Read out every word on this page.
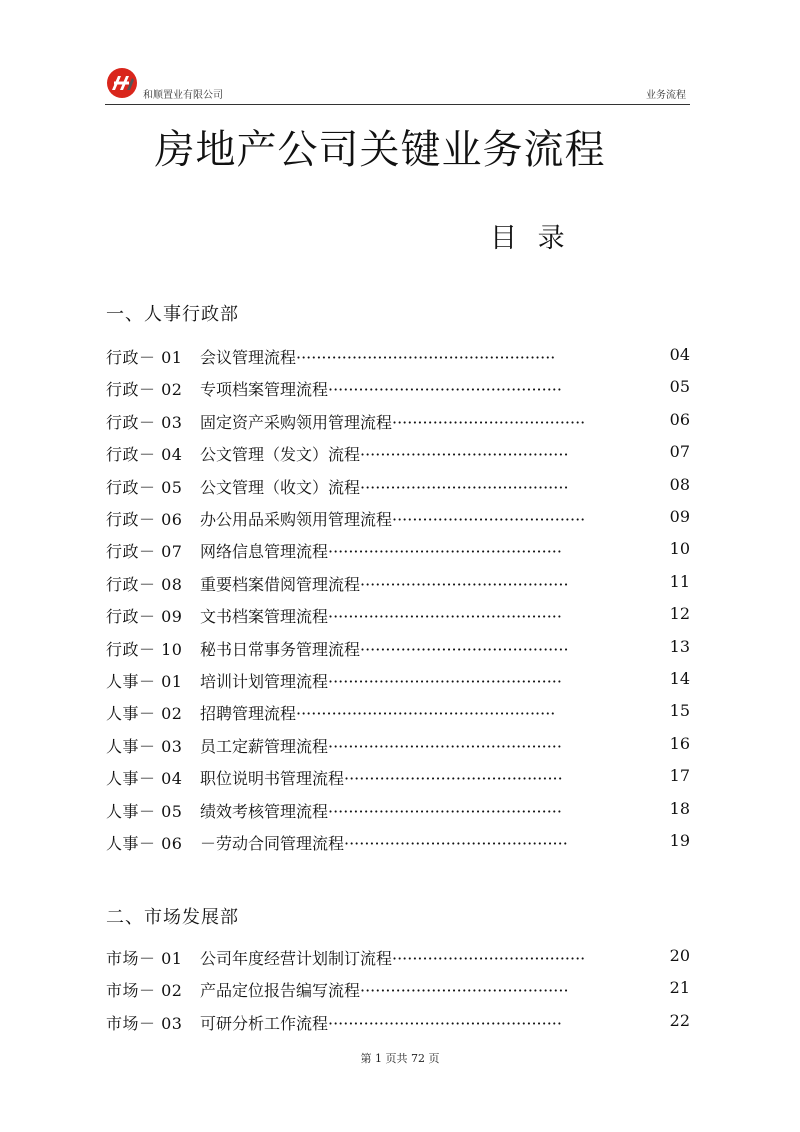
和顺置业有限公司	业务流程
房地产公司关键业务流程
目 录
一、人事行政部
行政－ 01 会议管理流程···················································	04
行政－ 02 专项档案管理流程··············································	05
行政－ 03 固定资产采购领用管理流程······································	06
行政－ 04 公文管理（发文）流程·········································	07
行政－ 05 公文管理（收文）流程·········································	08
行政－ 06 办公用品采购领用管理流程······································	09
行政－ 07 网络信息管理流程··············································	10
行政－ 08 重要档案借阅管理流程·········································	11
行政－ 09 文书档案管理流程··············································	12
行政－ 10 秘书日常事务管理流程·········································	13
人事－ 01 培训计划管理流程··············································	14
人事－ 02 招聘管理流程···················································	15
人事－ 03 员工定薪管理流程··············································	16
人事－ 04 职位说明书管理流程···········································	17
人事－ 05 绩效考核管理流程··············································	18
人事－ 06 －劳动合同管理流程············································	19
二、市场发展部
市场－ 01 公司年度经营计划制订流程······································	20
市场－ 02 产品定位报告编写流程·········································	21
市场－ 03 可研分析工作流程··············································	22
第 1 页共 72 页
